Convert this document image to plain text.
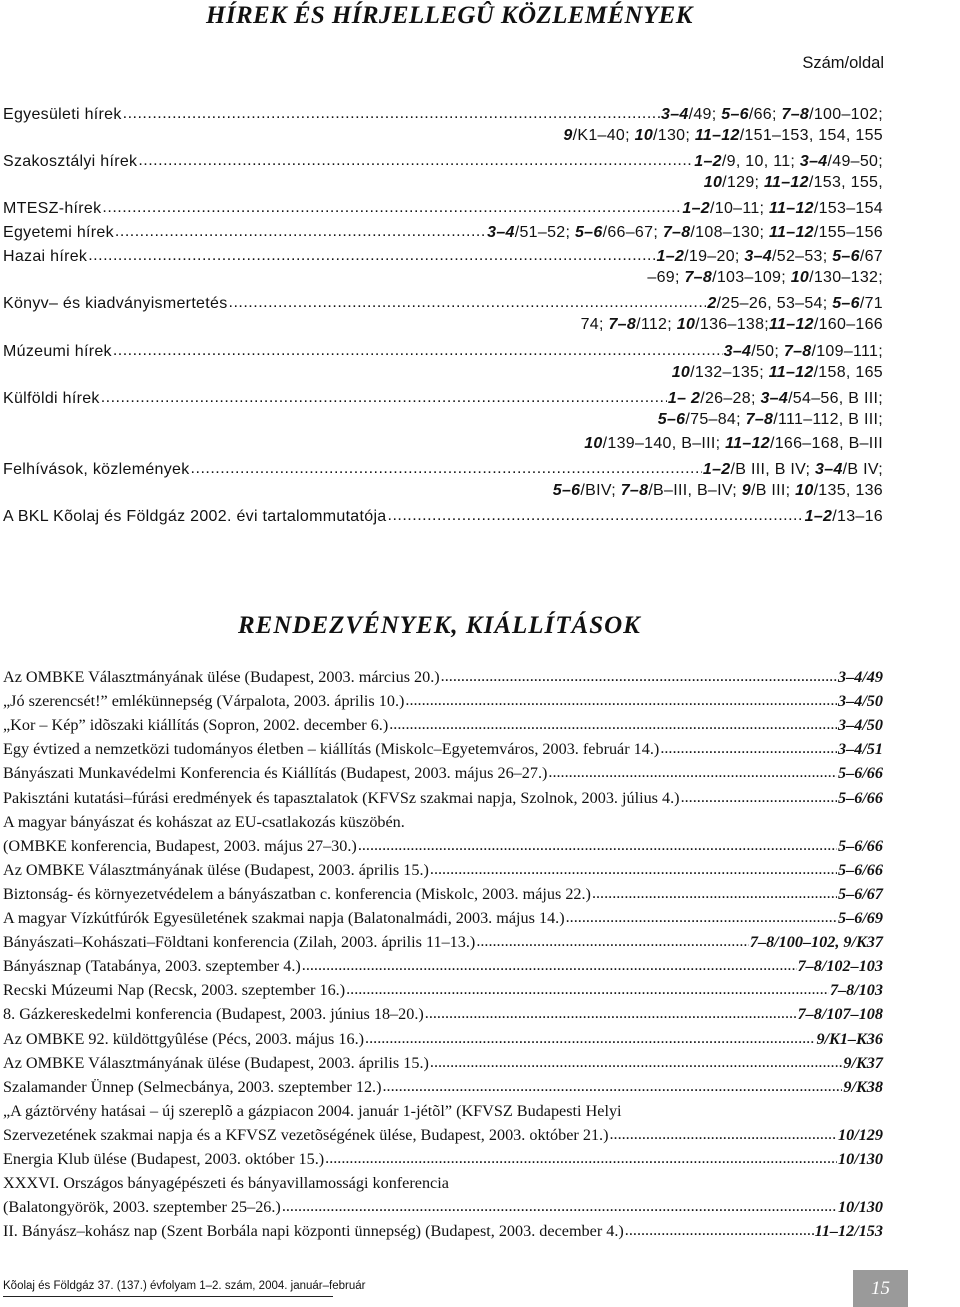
HÍREK ÉS HÍRJELLEGÛ KÖZLEMÉNYEK
Szám/oldal
Egyesületi hírek .....	3–4/49; 5–6/66; 7–8/100–102;
9/K1–40; 10/130; 11–12/151–153, 154, 155
Szakosztályi hírek .....	1–2/9, 10, 11; 3–4/49–50;
10/129; 11–12/153, 155,
MTESZ-hírek .....	1–2/10–11; 11–12/153–154
Egyetemi hírek .....	3–4/51–52; 5–6/66–67; 7–8/108–130; 11–12/155–156
Hazai hírek .....	1–2/19–20; 3–4/52–53; 5–6/67
–69; 7–8/103–109; 10/130–132;
Könyv– és kiadványismertetés .....	2/25–26, 53–54; 5–6/71
74; 7–8/112; 10/136–138;11–12/160–166
Múzeumi hírek .....	3–4/50; 7–8/109–111;
10/132–135; 11–12/158, 165
Külföldi hírek .....	1– 2/26–28; 3–4/54–56, B III;
5–6/75–84; 7–8/111–112, B III;
10/139–140, B–III; 11–12/166–168, B–III
Felhívások, közlemények .....	1–2/B III, B IV; 3–4/B IV;
5–6/BIV; 7–8/B–III, B–IV; 9/B III; 10/135, 136
A BKL Kõolaj és Földgáz 2002. évi tartalommutatója .....	1–2/13–16
RENDEZVÉNYEK, KIÁLLÍTÁSOK
Az OMBKE Választmányának ülése (Budapest, 2003. március 20.) .....	3–4/49
„Jó szerencsét!” emlékünnepség (Várpalota, 2003. április 10.) .....	3–4/50
„Kor – Kép” idõszaki kiállítás (Sopron, 2002. december 6.) .....	3–4/50
Egy évtized a nemzetközi tudományos életben – kiállítás (Miskolc–Egyetemváros, 2003. február 14.) .....	3–4/51
Bányászati Munkavédelmi Konferencia és Kiállítás (Budapest, 2003. május 26–27.) .....	5–6/66
Pakisztáni kutatási–fúrási eredmények és tapasztalatok (KFVSz szakmai napja, Szolnok, 2003. július 4.) .....	5–6/66
A magyar bányászat és kohászat az EU-csatlakozás küszöbén.
(OMBKE konferencia, Budapest, 2003. május 27–30.) .....	5–6/66
Az OMBKE Választmányának ülése (Budapest, 2003. április 15.) .....	5–6/66
Biztonság- és környezetvédelem a bányászatban c. konferencia (Miskolc, 2003. május 22.) .....	5–6/67
A magyar Vízkútfúrók Egyesületének szakmai napja (Balatonalmádi, 2003. május 14.) .....	5–6/69
Bányászati–Kohászati–Földtani konferencia (Zilah, 2003. április 11–13.) .....	7–8/100–102, 9/K37
Bányásznap (Tatabánya, 2003. szeptember 4.) .....	7–8/102–103
Recski Múzeumi Nap (Recsk, 2003. szeptember 16.) .....	7–8/103
8. Gázkereskedelmi konferencia (Budapest, 2003. június 18–20.) .....	7–8/107–108
Az OMBKE 92. küldöttgyûlése (Pécs, 2003. május 16.) .....	9/K1–K36
Az OMBKE Választmányának ülése (Budapest, 2003. április 15.) .....	9/K37
Szalamander Ünnep (Selmecbánya, 2003. szeptember 12.) .....	9/K38
„A gáztörvény hatásai – új szereplõ a gázpiacon 2004. január 1-jétõl” (KFVSZ Budapesti Helyi
Szervezetének szakmai napja és a KFVSZ vezetõségének ülése, Budapest, 2003. október 21.) .....	10/129
Energia Klub ülése (Budapest, 2003. október 15.) .....	10/130
XXXVI. Országos bányagépészeti és bányavillamossági konferencia
(Balatongyörök, 2003. szeptember 25–26.) .....	10/130
II. Bányász–kohász nap (Szent Borbála napi központi ünnepség) (Budapest, 2003. december 4.) .....	11–12/153
Kõolaj és Földgáz 37. (137.) évfolyam 1–2. szám, 2004. január–február	15
